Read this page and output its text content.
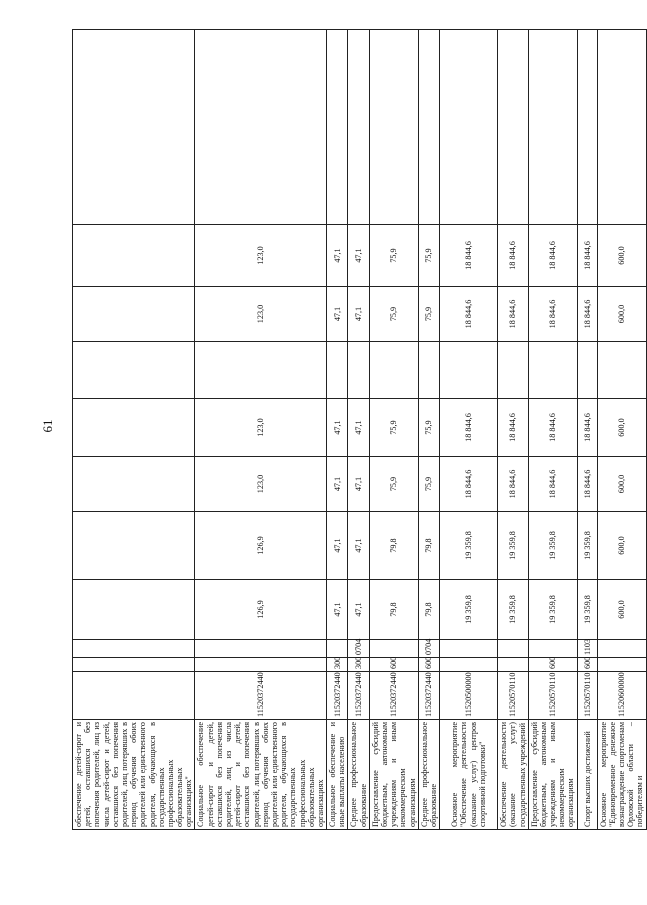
61
обеспечение детей-сирот и детей, оставшихся без попечения родителей, лиц из числа детей-сирот и детей, оставшихся без попечения родителей, лиц потерявших в период обучения обоих родителей или единственного родителя, обучающихся в государственных профессиональных образовательных организациях"											
Социальное обеспечение детей-сирот и детей, оставшихся без попечения родителей, лиц из числа детей-сирот и детей, оставшихся без попечения родителей, лиц потерявших в период обучения обоих родителей или единственного родителя, обучающихся в государственных профессиональных образовательных организациях	11520372440			126,9	126,9	123,0	123,0		123,0	123,0	
Социальное обеспечение и иные выплаты населению	11520372440	300		47,1	47,1	47,1	47,1		47,1	47,1	
Среднее профессиональное образование	11520372440	300	0704	47,1	47,1	47,1	47,1		47,1	47,1	
Предоставление субсидий бюджетным, автономным учреждениям и иным некоммерческим организациям	11520372440	600		79,8	79,8	75,9	75,9		75,9	75,9	
Среднее профессиональное образование	11520372440	600	0704	79,8	79,8	75,9	75,9		75,9	75,9	
Основное мероприятие "Обеспечение деятельности (оказание услуг) центров спортивной подготовки"	11520500000			19 359,8	19 359,8	18 844,6	18 844,6		18 844,6	18 844,6	
Обеспечение деятельности (оказание услуг) государственных учреждений	11520570110			19 359,8	19 359,8	18 844,6	18 844,6		18 844,6	18 844,6	
Предоставление субсидий бюджетным, автономным учреждениям и иным некоммерческим организациям	11520570110	600		19 359,8	19 359,8	18 844,6	18 844,6		18 844,6	18 844,6	
Спорт высших достижений	11520570110	600	1103	19 359,8	19 359,8	18 844,6	18 844,6		18 844,6	18 844,6	
Основное мероприятие "Единовременное денежное вознаграждение спортсменам Орловской области – победителям и	11520600000			600,0	600,0	600,0	600,0		600,0	600,0	
